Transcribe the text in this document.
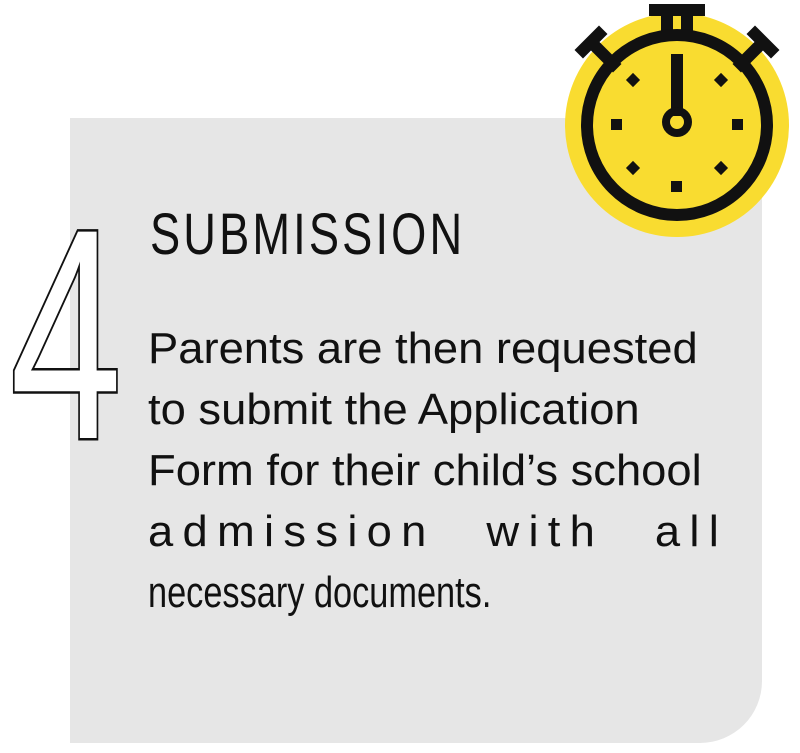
4 SUBMISSION
Parents are then requested
to submit the Application
Form for their child’s school
admission with all
necessary documents.
